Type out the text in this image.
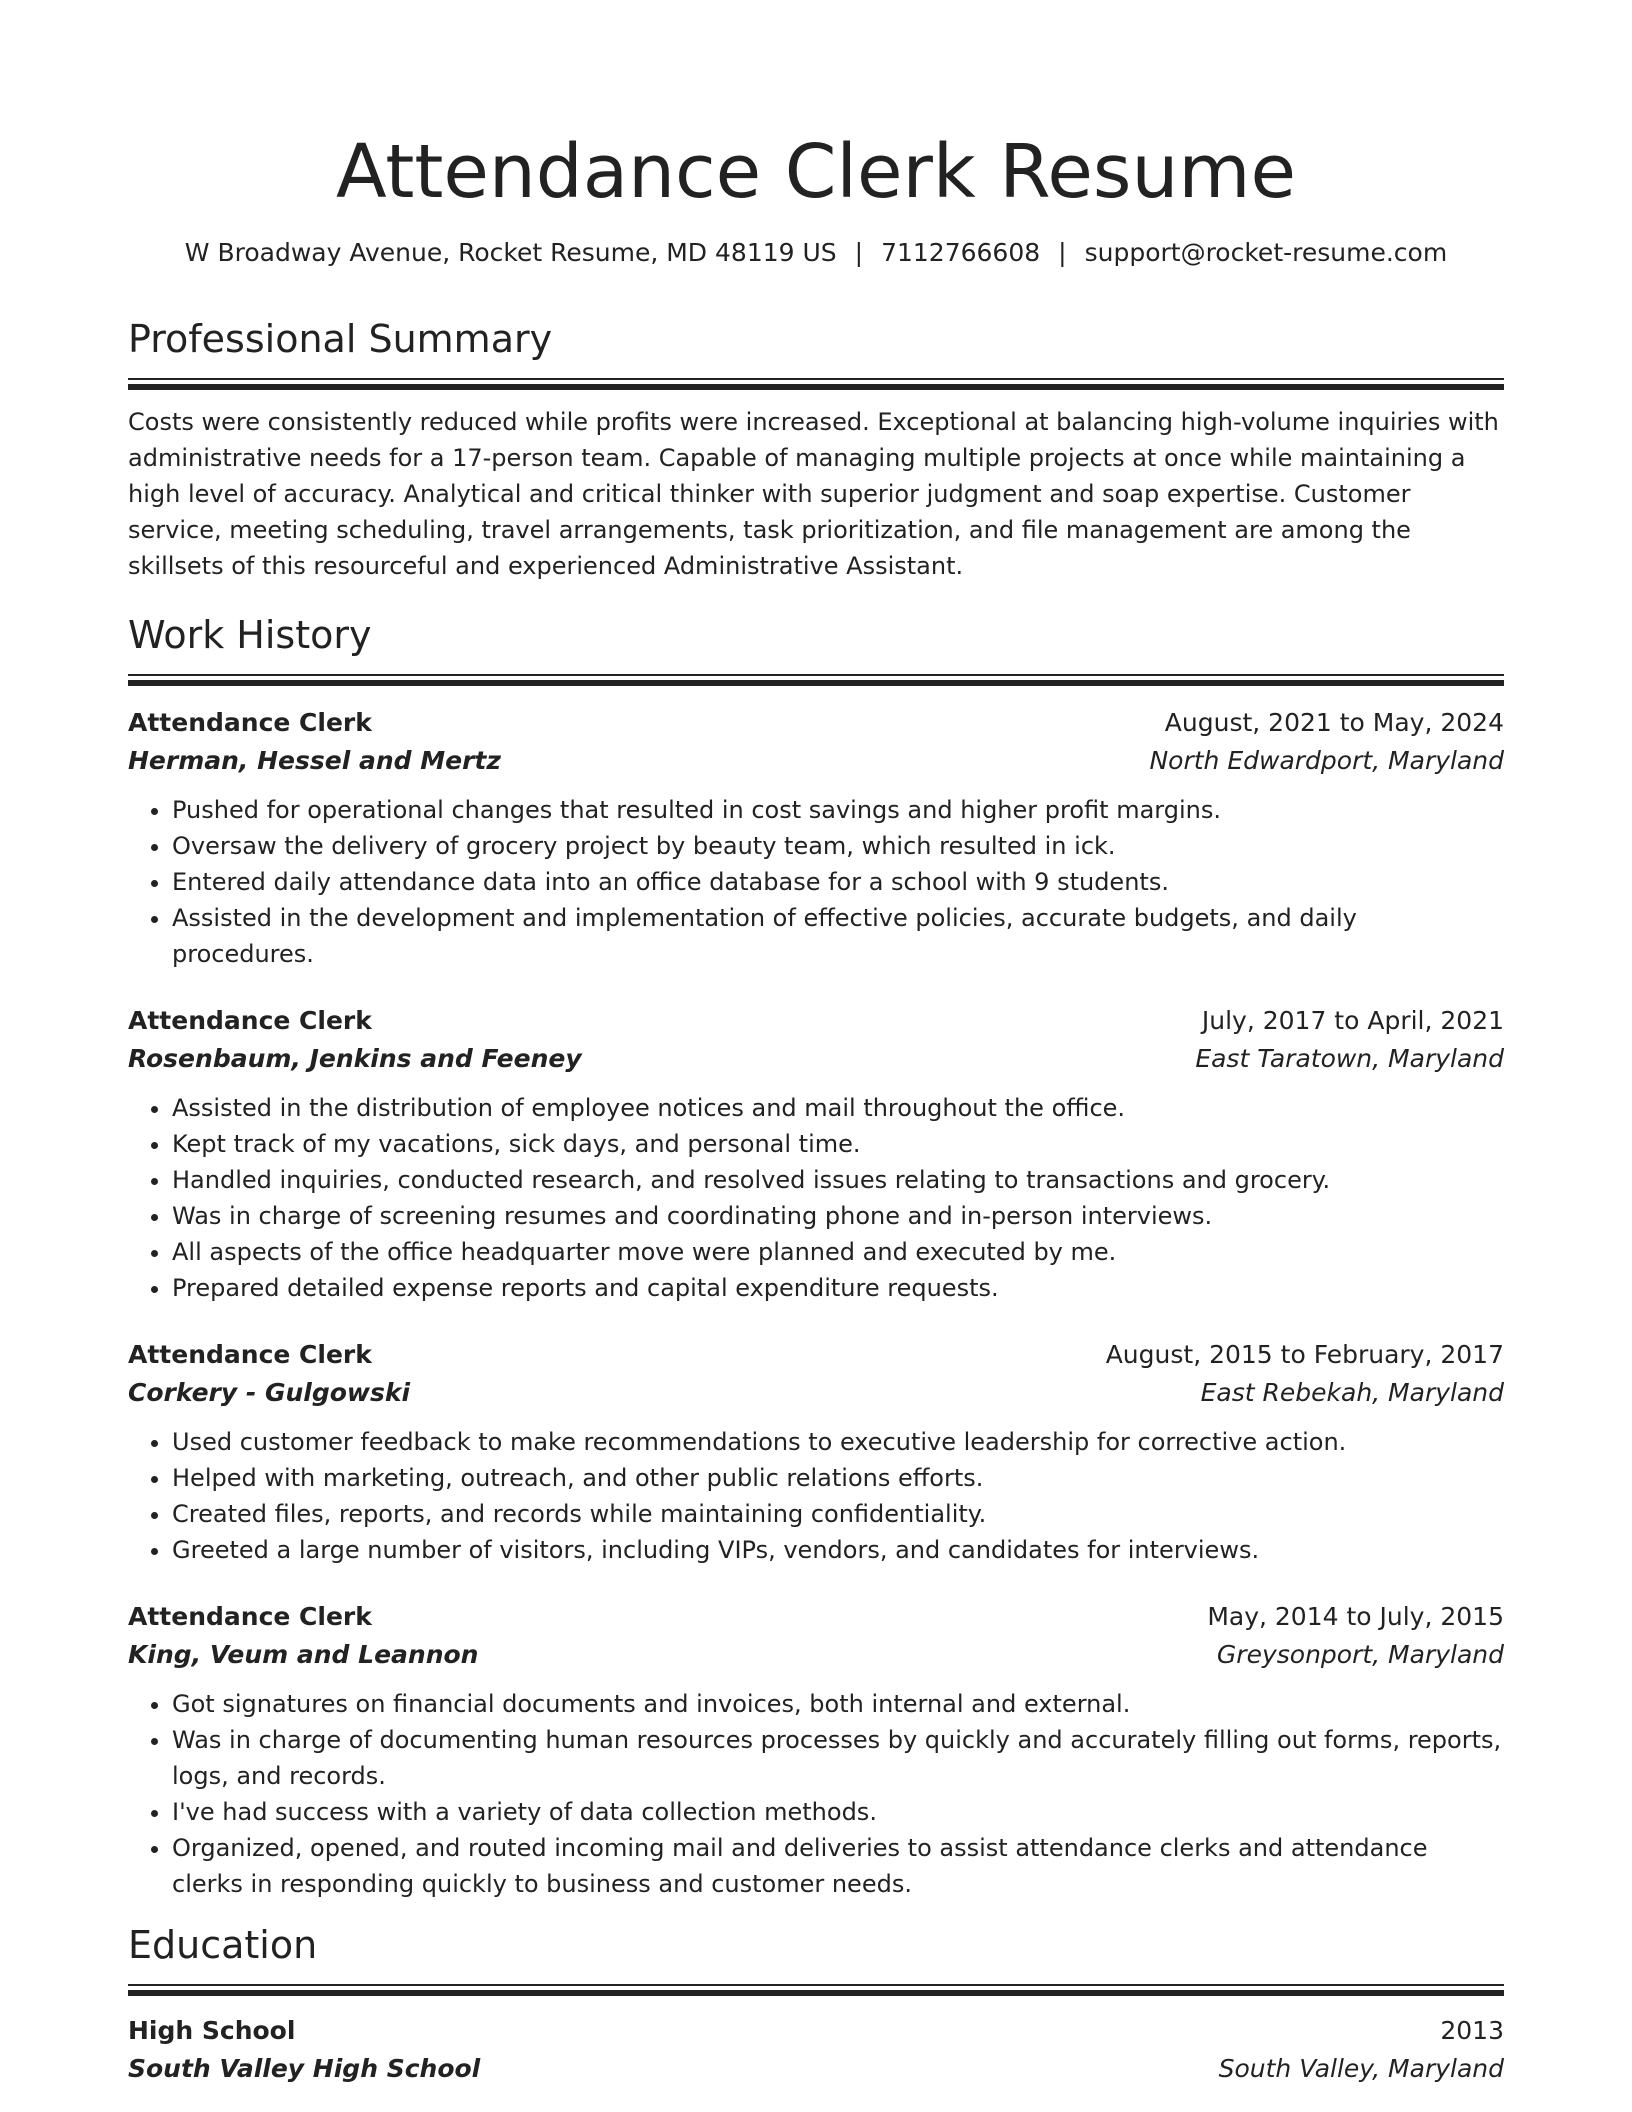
Attendance Clerk Resume
W Broadway Avenue, Rocket Resume, MD 48119 US | 7112766608 | support@rocket-resume.com
Professional Summary
Costs were consistently reduced while profits were increased. Exceptional at balancing high-volume inquiries with administrative needs for a 17-person team. Capable of managing multiple projects at once while maintaining a high level of accuracy. Analytical and critical thinker with superior judgment and soap expertise. Customer service, meeting scheduling, travel arrangements, task prioritization, and file management are among the skillsets of this resourceful and experienced Administrative Assistant.
Work History
Attendance Clerk	August, 2021 to May, 2024
Herman, Hessel and Mertz	North Edwardport, Maryland
• Pushed for operational changes that resulted in cost savings and higher profit margins.
• Oversaw the delivery of grocery project by beauty team, which resulted in ick.
• Entered daily attendance data into an office database for a school with 9 students.
• Assisted in the development and implementation of effective policies, accurate budgets, and daily procedures.
Attendance Clerk	July, 2017 to April, 2021
Rosenbaum, Jenkins and Feeney	East Taratown, Maryland
• Assisted in the distribution of employee notices and mail throughout the office.
• Kept track of my vacations, sick days, and personal time.
• Handled inquiries, conducted research, and resolved issues relating to transactions and grocery.
• Was in charge of screening resumes and coordinating phone and in-person interviews.
• All aspects of the office headquarter move were planned and executed by me.
• Prepared detailed expense reports and capital expenditure requests.
Attendance Clerk	August, 2015 to February, 2017
Corkery - Gulgowski	East Rebekah, Maryland
• Used customer feedback to make recommendations to executive leadership for corrective action.
• Helped with marketing, outreach, and other public relations efforts.
• Created files, reports, and records while maintaining confidentiality.
• Greeted a large number of visitors, including VIPs, vendors, and candidates for interviews.
Attendance Clerk	May, 2014 to July, 2015
King, Veum and Leannon	Greysonport, Maryland
• Got signatures on financial documents and invoices, both internal and external.
• Was in charge of documenting human resources processes by quickly and accurately filling out forms, reports, logs, and records.
• I've had success with a variety of data collection methods.
• Organized, opened, and routed incoming mail and deliveries to assist attendance clerks and attendance clerks in responding quickly to business and customer needs.
Education
High School	2013
South Valley High School	South Valley, Maryland
